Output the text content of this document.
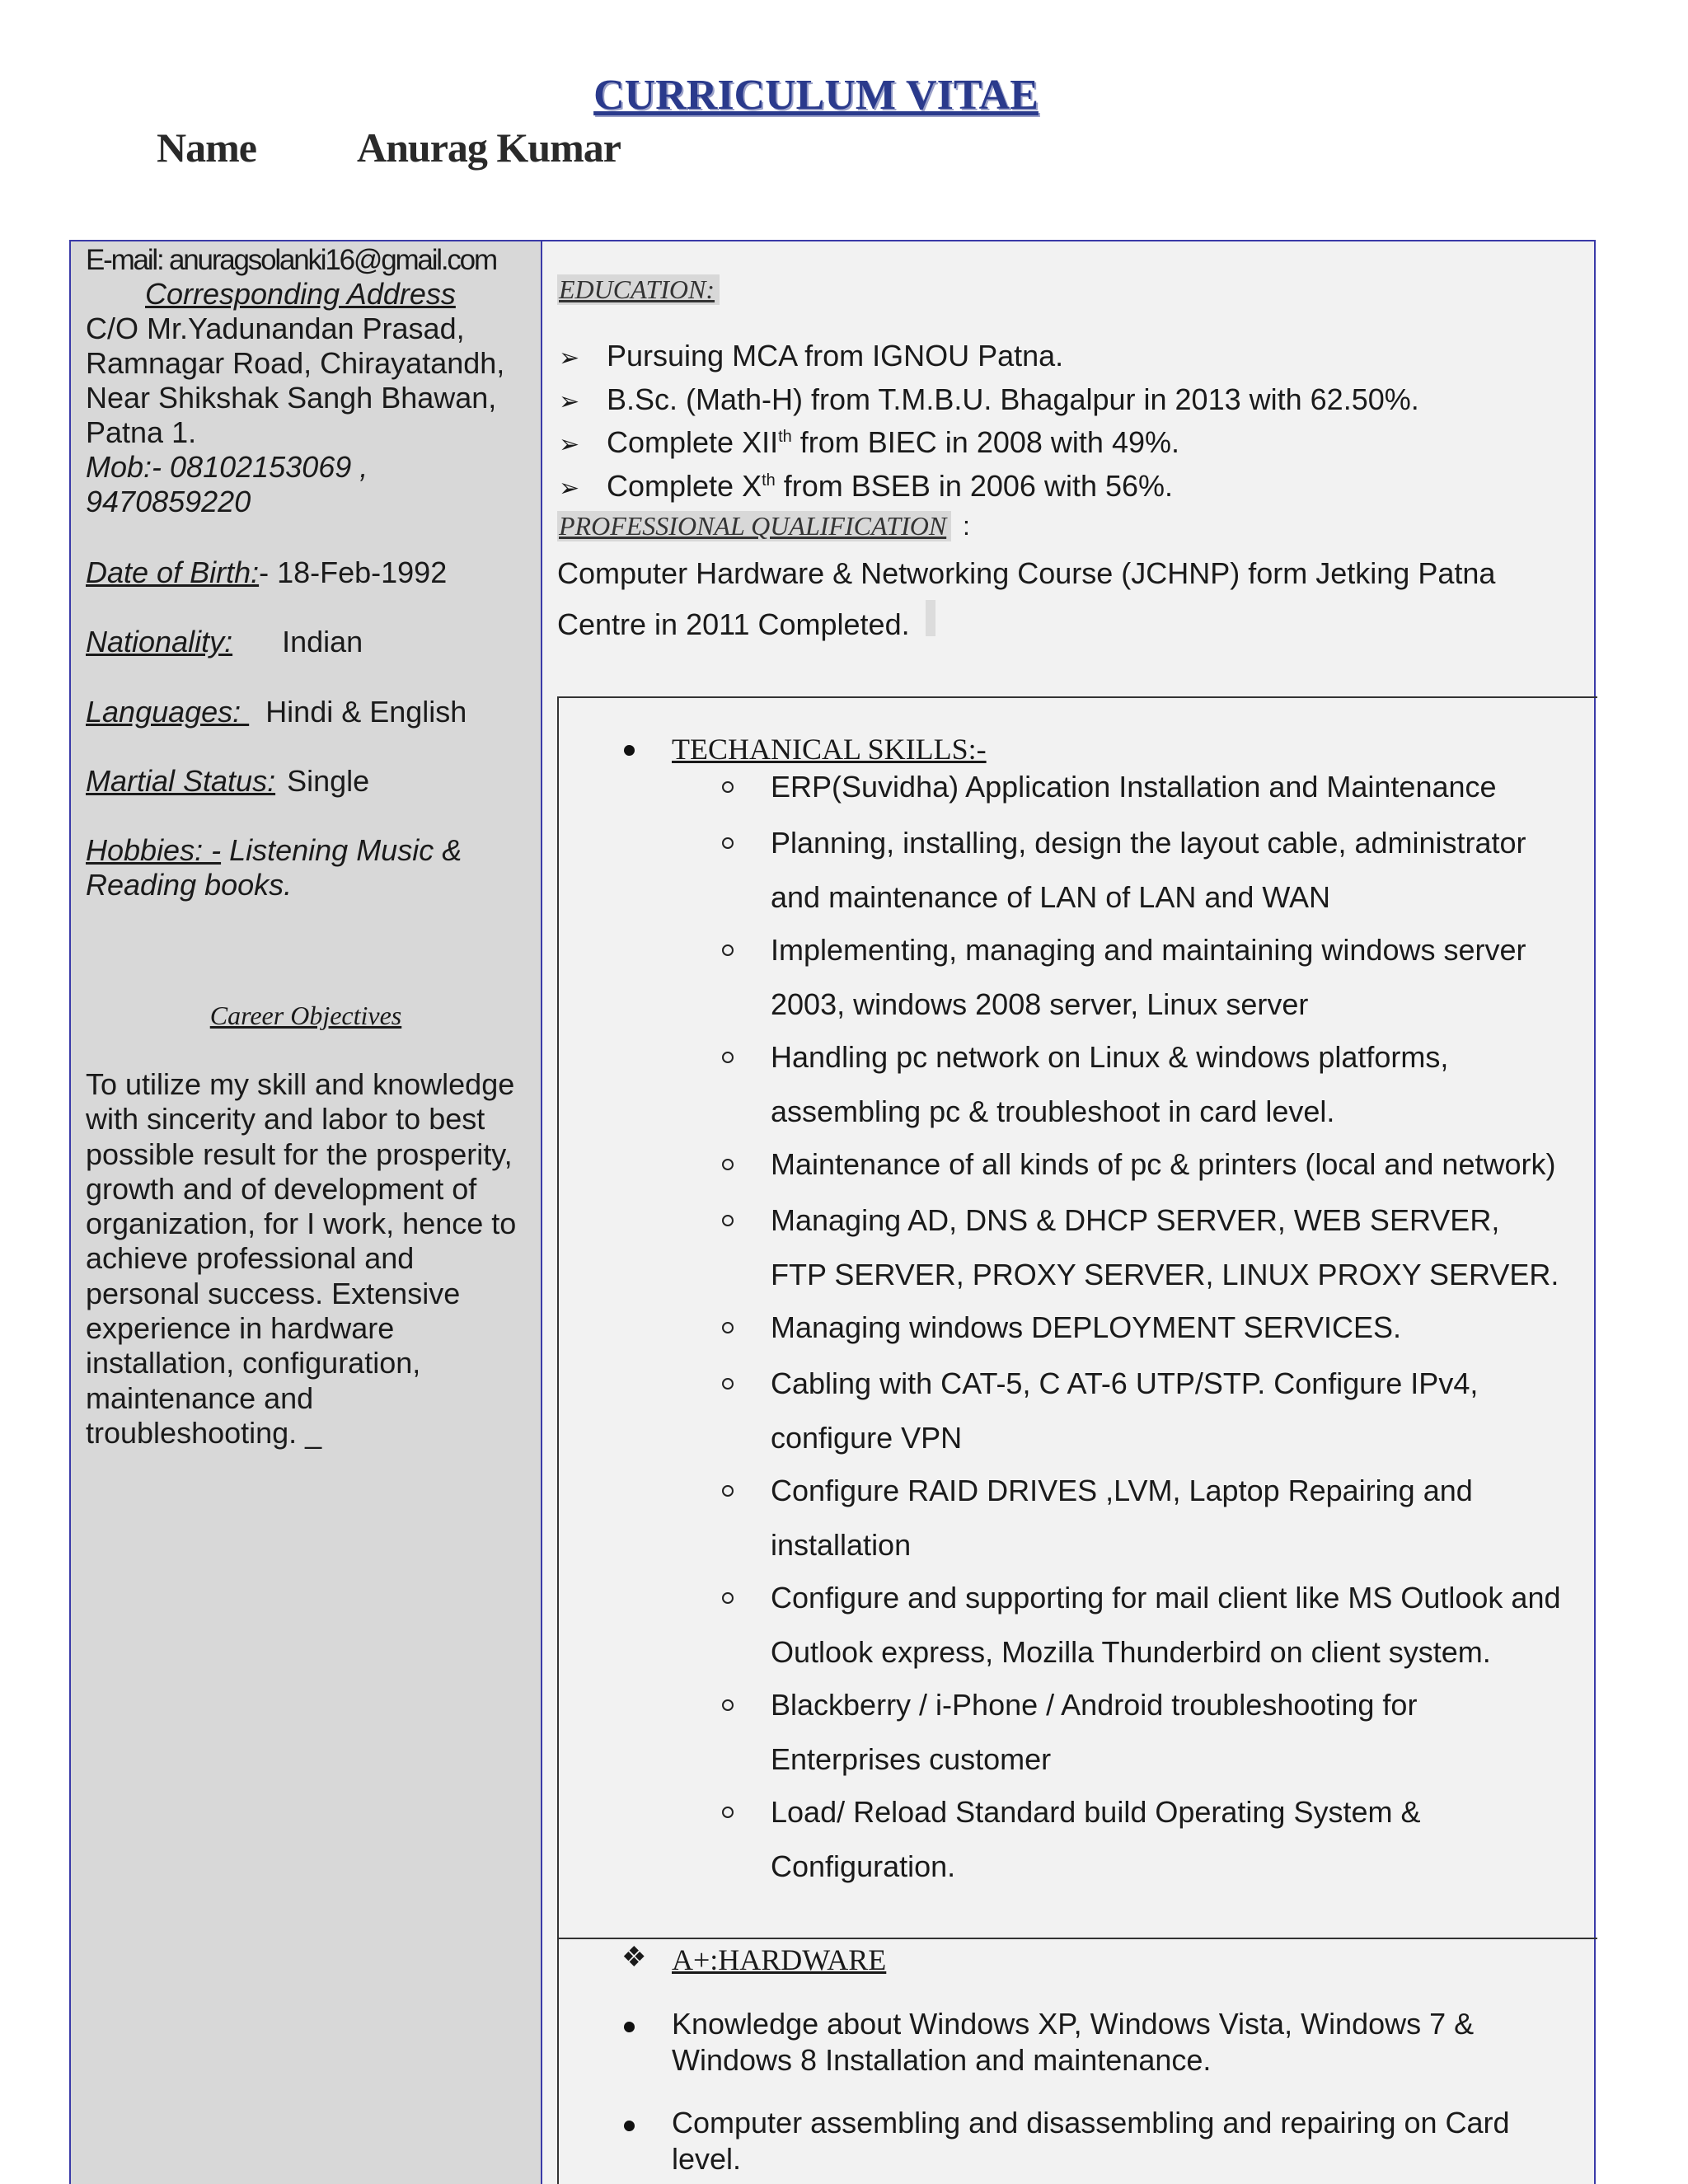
CURRICULUM VITAE
Name Anurag Kumar
E-mail: anuragsolanki16@gmail.com
Corresponding Address
C/O Mr.Yadunandan Prasad,
Ramnagar Road, Chirayatandh,
Near Shikshak Sangh Bhawan,
Patna 1.
Mob:- 08102153069 ,
9470859220
Date of Birth:- 18-Feb-1992
Nationality: Indian
Languages: Hindi & English
Martial Status: Single
Hobbies: - Listening Music &
Reading books.
Career Objectives
To utilize my skill and knowledge with sincerity and labor to best possible result for the prosperity, growth and of development of organization, for I work, hence to achieve professional and personal success. Extensive experience in hardware installation, configuration, maintenance and troubleshooting. _
EDUCATION:
➢ Pursuing MCA from IGNOU Patna.
➢ B.Sc. (Math-H) from T.M.B.U. Bhagalpur in 2013 with 62.50%.
➢ Complete XIIth from BIEC in 2008 with 49%.
➢ Complete Xth from BSEB in 2006 with 56%.
PROFESSIONAL QUALIFICATION :
Computer Hardware & Networking Course (JCHNP) form Jetking Patna
Centre in 2011 Completed.
TECHANICAL SKILLS:-
ERP(Suvidha) Application Installation and Maintenance
Planning, installing, design the layout cable, administrator
and maintenance of LAN of LAN and WAN
Implementing, managing and maintaining windows server
2003, windows 2008 server, Linux server
Handling pc network on Linux & windows platforms,
assembling pc & troubleshoot in card level.
Maintenance of all kinds of pc & printers (local and network)
Managing AD, DNS & DHCP SERVER, WEB SERVER,
FTP SERVER, PROXY SERVER, LINUX PROXY SERVER.
Managing windows DEPLOYMENT SERVICES.
Cabling with CAT-5, C AT-6 UTP/STP. Configure IPv4,
configure VPN
Configure RAID DRIVES ,LVM, Laptop Repairing and
installation
Configure and supporting for mail client like MS Outlook and
Outlook express, Mozilla Thunderbird on client system.
Blackberry / i-Phone / Android troubleshooting for
Enterprises customer
Load/ Reload Standard build Operating System &
Configuration.
❖ A+:HARDWARE
Knowledge about Windows XP, Windows Vista, Windows 7 &
Windows 8 Installation and maintenance.
Computer assembling and disassembling and repairing on Card
level.
